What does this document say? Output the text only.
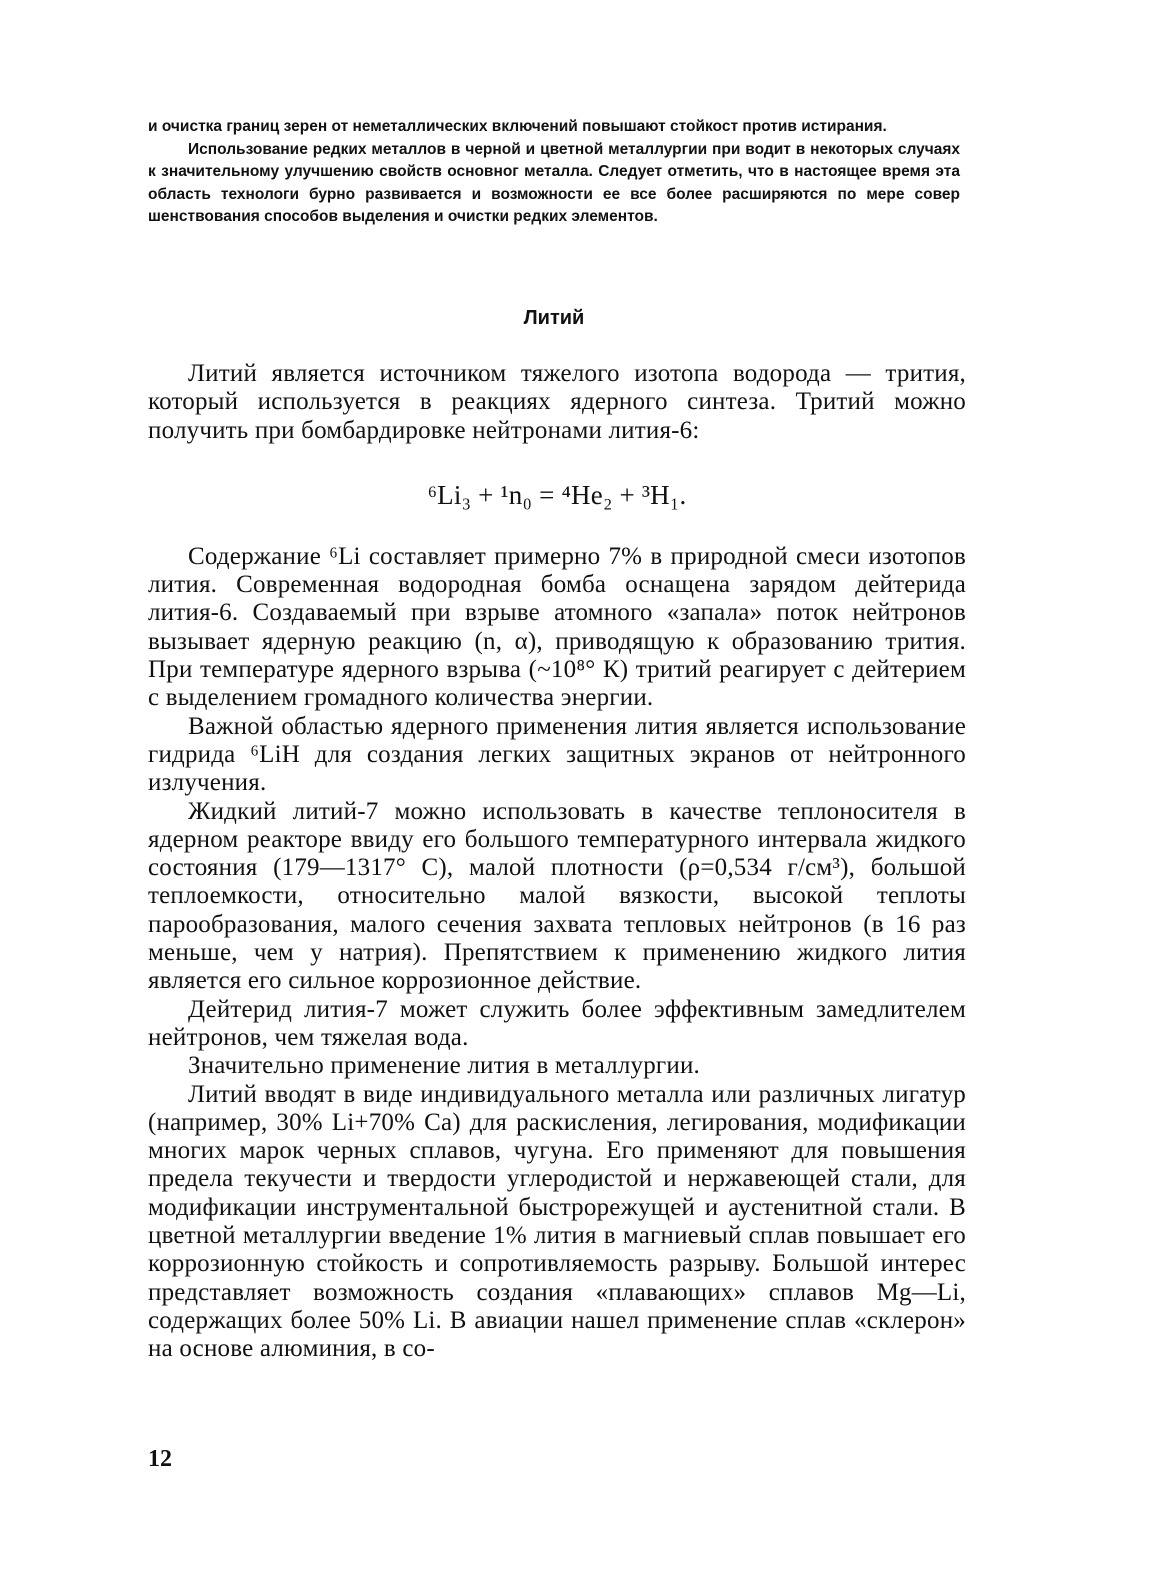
и очистка границ зерен от неметаллических включений повышают стойкост против истирания.

Использование редких металлов в черной и цветной металлургии при водит в некоторых случаях к значительному улучшению свойств основног металла. Следует отметить, что в настоящее время эта область технологи бурно развивается и возможности ее все более расширяются по мере совер шенствования способов выделения и очистки редких элементов.

Литий

Литий является источником тяжелого изотопа водорода — трития, который используется в реакциях ядерного синтеза. Тритий можно получить при бомбардировке нейтронами лития-6:

⁶Li₃ + ¹n₀ = ⁴He₂ + ³H₁.

Содержание ⁶Li составляет примерно 7% в природной смеси изотопов лития. Современная водородная бомба оснащена зарядом дейтерида лития-6. Создаваемый при взрыве атомного «запала» поток нейтронов вызывает ядерную реакцию (n, α), приводящую к образованию трития. При температуре ядерного взрыва (~10⁸° К) тритий реагирует с дейтерием с выделением громадного количества энергии.

Важной областью ядерного применения лития является использование гидрида ⁶LiH для создания легких защитных экранов от нейтронного излучения.

Жидкий литий-7 можно использовать в качестве теплоносителя в ядерном реакторе ввиду его большого температурного интервала жидкого состояния (179—1317° С), малой плотности (ρ=0,534 г/см³), большой теплоемкости, относительно малой вязкости, высокой теплоты парообразования, малого сечения захвата тепловых нейтронов (в 16 раз меньше, чем у натрия). Препятствием к применению жидкого лития является его сильное коррозионное действие.

Дейтерид лития-7 может служить более эффективным замедлителем нейтронов, чем тяжелая вода.

Значительно применение лития в металлургии.

Литий вводят в виде индивидуального металла или различных лигатур (например, 30% Li+70% Ca) для раскисления, легирования, модификации многих марок черных сплавов, чугуна. Его применяют для повышения предела текучести и твердости углеродистой и нержавеющей стали, для модификации инструментальной быстрорежущей и аустенитной стали. В цветной металлургии введение 1% лития в магниевый сплав повышает его коррозионную стойкость и сопротивляемость разрыву. Большой интерес представляет возможность создания «плавающих» сплавов Mg—Li, содержащих более 50% Li. В авиации нашел применение сплав «склерон» на основе алюминия, в со-

12
